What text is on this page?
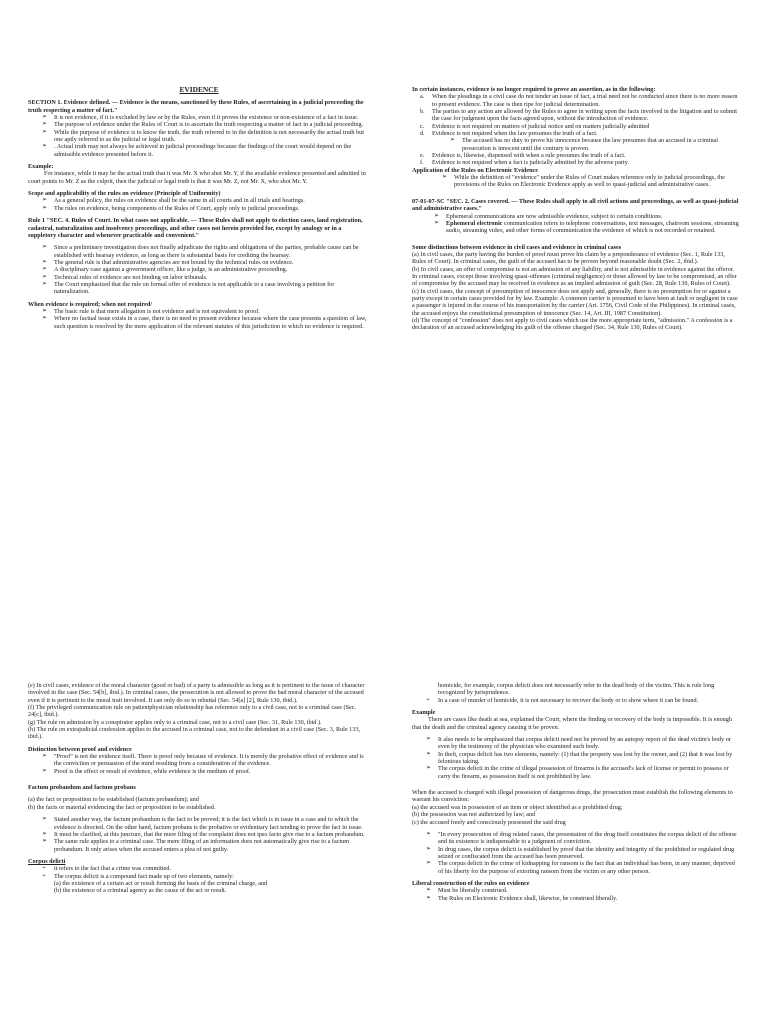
EVIDENCE

SECTION 1. Evidence defined. — Evidence is the means, sanctioned by these Rules, of ascertaining in a judicial proceeding the truth respecting a matter of fact."

➢ It is not evidence, if it is excluded by law or by the Rules, even if it proves the existence or non-existence of a fact in issue.
➢ The purpose of evidence under the Rules of Court is to ascertain the truth respecting a matter of fact in a judicial proceeding.
➢ While the purpose of evidence is to know the truth, the truth referred to in the definition is not necessarily the actual truth but one aptly referred to as the judicial or legal truth.
➢ . Actual truth may not always be achieved in judicial proceedings because the findings of the court would depend on the admissible evidence presented before it.

Example:

For instance, while it may be the actual truth that it was Mr. X who shot Mr. Y, if the available evidence presented and admitted in court points to Mr. Z as the culprit, then the judicial or legal truth is that it was Mr. Z, not Mr. X, who shot Mr. Y.

Scope and applicability of the rules on evidence (Principle of Uniformity)

➢ As a general policy, the rules on evidence shall be the same in all courts and in all trials and hearings.
➢ The rules on evidence, being components of the Rules of Court, apply only to judicial proceedings.

Rule 1 "SEC. 4. Rules of Court. In what cases not applicable. — These Rules shall not apply to election cases, land registration, cadastral, naturalization and insolvency proceedings, and other cases not herein provided for, except by analogy or in a suppletory character and whenever practicable and convenient."

➢ Since a preliminary investigation does not finally adjudicate the rights and obligations of the parties, probable cause can be established with hearsay evidence, as long as there is substantial basis for crediting the hearsay.
➢ The general rule is that administrative agencies are not bound by the technical rules on evidence.
➢ A disciplinary case against a government officer, like a judge, is an administrative proceeding.
➢ Technical rules of evidence are not binding on labor tribunals.
➢ The Court emphasized that the rule on formal offer of evidence is not applicable to a case involving a petition for naturalization.

When evidence is required; when not required/

➢ The basic rule is that mere allegation is not evidence and is not equivalent to proof.
➢ Where no factual issue exists in a case, there is no need to present evidence because where the case presents a question of law, such question is resolved by the mere application of the relevant statutes of this jurisdiction to which no evidence is required.

In certain instances, evidence is no longer required to prove an assertion, as in the following:

a. When the pleadings in a civil case do not tender an issue of fact, a trial need not be conducted since there is no more reason to present evidence. The case is then ripe for judicial determination.
b. The parties to any action are allowed by the Rules to agree in writing upon the facts involved in the litigation and to submit the case for judgment upon the facts agreed upon, without the introduction of evidence.
c. Evidence is not required on matters of judicial notice and on matters judicially admitted
d. Evidence is not required when the law presumes the truth of a fact.
➢ The accused has no duty to prove his innocence because the law presumes that an accused in a criminal prosecution is innocent until the contrary is proven.
e. Evidence is, likewise, dispensed with when a rule presumes the truth of a fact.
f. Evidence is not required when a fact is judicially admitted by the adverse party.

Application of the Rules on Electronic Evidence

➢ While the definition of "evidence" under the Rules of Court makes reference only to judicial proceedings, the provisions of the Rules on Electronic Evidence apply as well to quasi-judicial and administrative cases.

07-01-07-SC "SEC. 2. Cases covered. — These Rules shall apply to all civil actions and proceedings, as well as quasi-judicial and administrative cases."

➢ Ephemeral communications are now admissible evidence, subject to certain conditions.
➢ Ephemeral electronic communication refers to telephone conversations, text messages, chatroom sessions, streaming audio, streaming video, and other forms of communication the evidence of which is not recorded or retained.

Some distinctions between evidence in civil cases and evidence in criminal cases

(a) In civil cases, the party having the burden of proof must prove his claim by a preponderance of evidence (Sec. 1, Rule 133, Rules of Court). In criminal cases, the guilt of the accused has to be proven beyond reasonable doubt (Sec. 2, ibid.).

(b) In civil cases, an offer of compromise is not an admission of any liability, and is not admissible in evidence against the offeror. In criminal cases, except those involving quasi-offenses (criminal negligence) or those allowed by law to be compromised, an offer of compromise by the accused may be received in evidence as an implied admission of guilt (Sec. 28, Rule 130, Rules of Court).

(c) In civil cases, the concept of presumption of innocence does not apply and, generally, there is no presumption for or against a party except in certain cases provided for by law. Example: A common carrier is presumed to have been at fault or negligent in case a passenger is injured in the course of his transportation by the carrier (Art. 1756, Civil Code of the Philippines). In criminal cases, the accused enjoys the constitutional presumption of innocence (Sec. 14, Art. III, 1987 Constitution).

(d) The concept of "confession" does not apply to civil cases which use the more appropriate term, "admission." A confession is a declaration of an accused acknowledging his guilt of the offense charged (Sec. 34, Rule 130, Rules of Court).

(e) In civil cases, evidence of the moral character (good or bad) of a party is admissible as long as it is pertinent to the issue of character involved in the case (Sec. 54[b], ibid.). In criminal cases, the prosecution is not allowed to prove the bad moral character of the accused even if it is pertinent to the moral trait involved. It can only do so in rebuttal (Sec. 54[a] [2], Rule 130, ibid.).

(f) The privileged communication rule on patientphysician relationship has reference only to a civil case, not to a criminal case (Sec. 24[c], ibid.).

(g) The rule on admission by a conspirator applies only to a criminal case, not to a civil case (Sec. 31, Rule 130, ibid.).

(h) The rule on extrajudicial confession applies to the accused in a criminal case, not to the defendant in a civil case (Sec. 3, Rule 133, ibid.).

Distinction between proof and evidence

➢ "Proof" is not the evidence itself. There is proof only because of evidence. It is merely the probative effect of evidence and is the conviction or persuasion of the mind resulting from a consideration of the evidence.
➢ Proof is the effect or result of evidence, while evidence is the medium of proof.

Factum probandum and factum probans

(a) the fact or proposition to be established (factum probandum); and

(b) the facts or material evidencing the fact or proposition to be established.

➢ Stated another way, the factum probandum is the fact to be proved; it is the fact which is in issue in a case and to which the evidence is directed. On the other hand, factum probans is the probative or evidentiary fact tending to prove the fact in issue.
➢ It must be clarified, at this juncture, that the mere filing of the complaint does not ipso facto give rise to a factum probandum.
➢ The same rule applies to a criminal case. The mere filing of an information does not automatically give rise to a factum probandum. It only arises when the accused enters a plea of not guilty.

Corpus delicti

➢ it refers to the fact that a crime was committed.
➢ The corpus delicti is a compound fact made up of two elements, namely:

(a) the existence of a certain act or result forming the basis of the criminal charge, and

(b) the existence of a criminal agency as the cause of the act or result.

homicide, for example, corpus delicti does not necessarily refer to the dead body of the victim. This is rule long recognized by jurisprudence.

➢ In a case of murder of homicide, it is not necessary to recover the body or to show where it can be found.

Example

There are cases like death at sea, explained the Court, where the finding or recovery of the body is impossible. It is enough that the death and the criminal agency causing it be proven.

➢ It also needs to be emphasized that corpus delicti need not be proved by an autopsy report of the dead victim's body or even by the testimony of the physician who examined such body.
➢ In theft, corpus delicti has two elements, namely: (1) that the property was lost by the owner, and (2) that it was lost by felonious taking.
➢ The corpus delicti in the crime of illegal possession of firearms is the accused's lack of license or permit to possess or carry the firearm, as possession itself is not prohibited by law.

When the accused is charged with illegal possession of dangerous drugs, the prosecution must establish the following elements to warrant his conviction:

(a) the accused was in possession of an item or object identified as a prohibited drug;

(b) the possession was not authorized by law; and

(c) the accused freely and consciously possessed the said drug

➢ "In every prosecution of drug related cases, the presentation of the drug itself constitutes the corpus delicti of the offense and its existence is indispensable to a judgment of conviction.
➢ In drug cases, the corpus delicti is established by proof that the identity and integrity of the prohibited or regulated drug seized or confiscated from the accused has been preserved.
➢ The corpus delicti in the crime of kidnapping for ransom is the fact that an individual has been, in any manner, deprived of his liberty for the purpose of extorting ransom from the victim or any other person.

Liberal construction of the rules on evidence

➢ Must be liberally construed.
➢ The Rules on Electronic Evidence shall, likewise, be construed liberally.
